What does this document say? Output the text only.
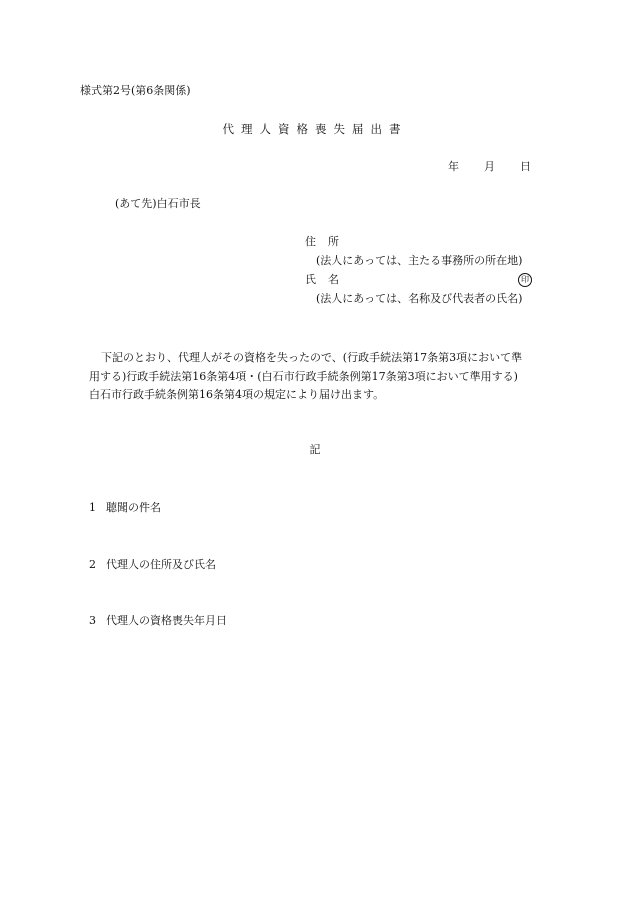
様式第2号(第6条関係)
代理人資格喪失届出書
年 月 日
(あて先)白石市長
住所
(法人にあっては、主たる事務所の所在地)
氏名	印
(法人にあっては、名称及び代表者の氏名)
下記のとおり、代理人がその資格を失ったので、(行政手続法第17条第3項において準
用する)行政手続法第16条第4項・(白石市行政手続条例第17条第3項において準用する)
白石市行政手続条例第16条第4項の規定により届け出ます。
記
1 聴聞の件名
2 代理人の住所及び氏名
3 代理人の資格喪失年月日
